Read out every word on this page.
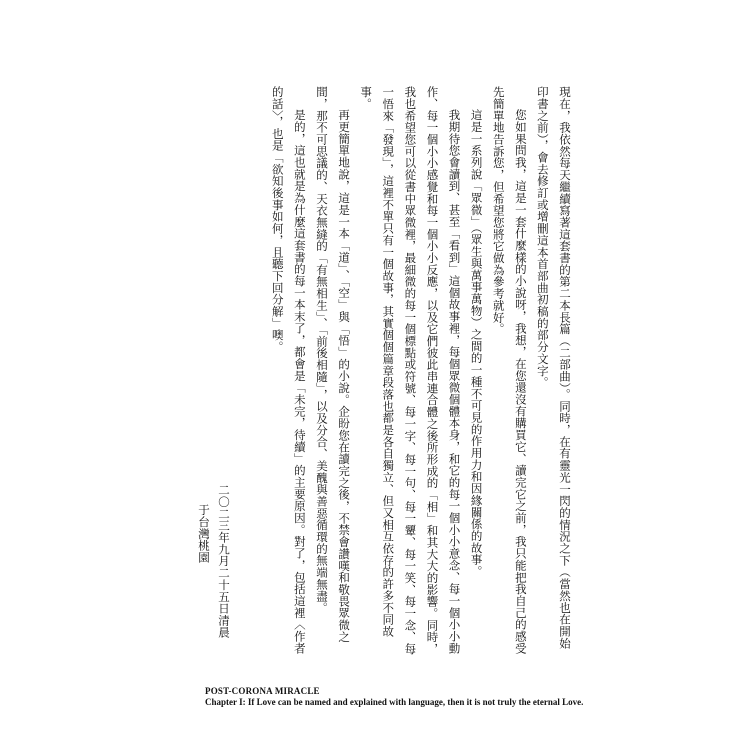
現在，我依然每天繼續寫著這套書的第二本長篇（二部曲）。同時，在有靈光一閃的情況之下（當然也在開始印書之前），會去修訂或增刪這本首部曲初稿的部分文字。

您如果問我，這是一套什麼樣的小說呀，我想，在您還沒有購買它、讀完它之前，我只能把我自己的感受先簡單地告訴您，但希望您將它做為參考就好。

這是一系列說「眾微」（眾生與萬事萬物）之間的一種不可見的作用力和因緣關係的故事。

我期待您會讀到、甚至「看到」這個故事裡，每個眾微個體本身，和它的每一個小小意念、每一個小小動作、每一個小小感覺和每一個小小反應，以及它們彼此串連合體之後所形成的「相」和其大大的影響。同時，我也希望您可以從書中眾微裡，最細微的每一個標點或符號、每一字、每一句、每一顰、每一笑、每一念、每一悟來「發現」，這裡不單只有一個故事，其實個個篇章段落也都是各自獨立、但又相互依存的許多不同故事。

再更簡單地說，這是一本「道」、「空」與「悟」的小說。企盼您在讀完之後，不禁會讚嘆和敬畏眾微之間，那不可思議的、天衣無縫的「有無相生」、「前後相隨」，以及分合、美醜與善惡循環的無端無盡。

是的，這也就是為什麼這套書的每一本末了，都會是「未完，待續」的主要原因。對了，包括這裡〈作者的話〉，也是「欲知後事如何，且聽下回分解」噢。

二〇二三年九月二十五日清晨
于台灣桃園
POST-CORONA MIRACLE
Chapter I: If Love can be named and explained with language, then it is not truly the eternal Love.
